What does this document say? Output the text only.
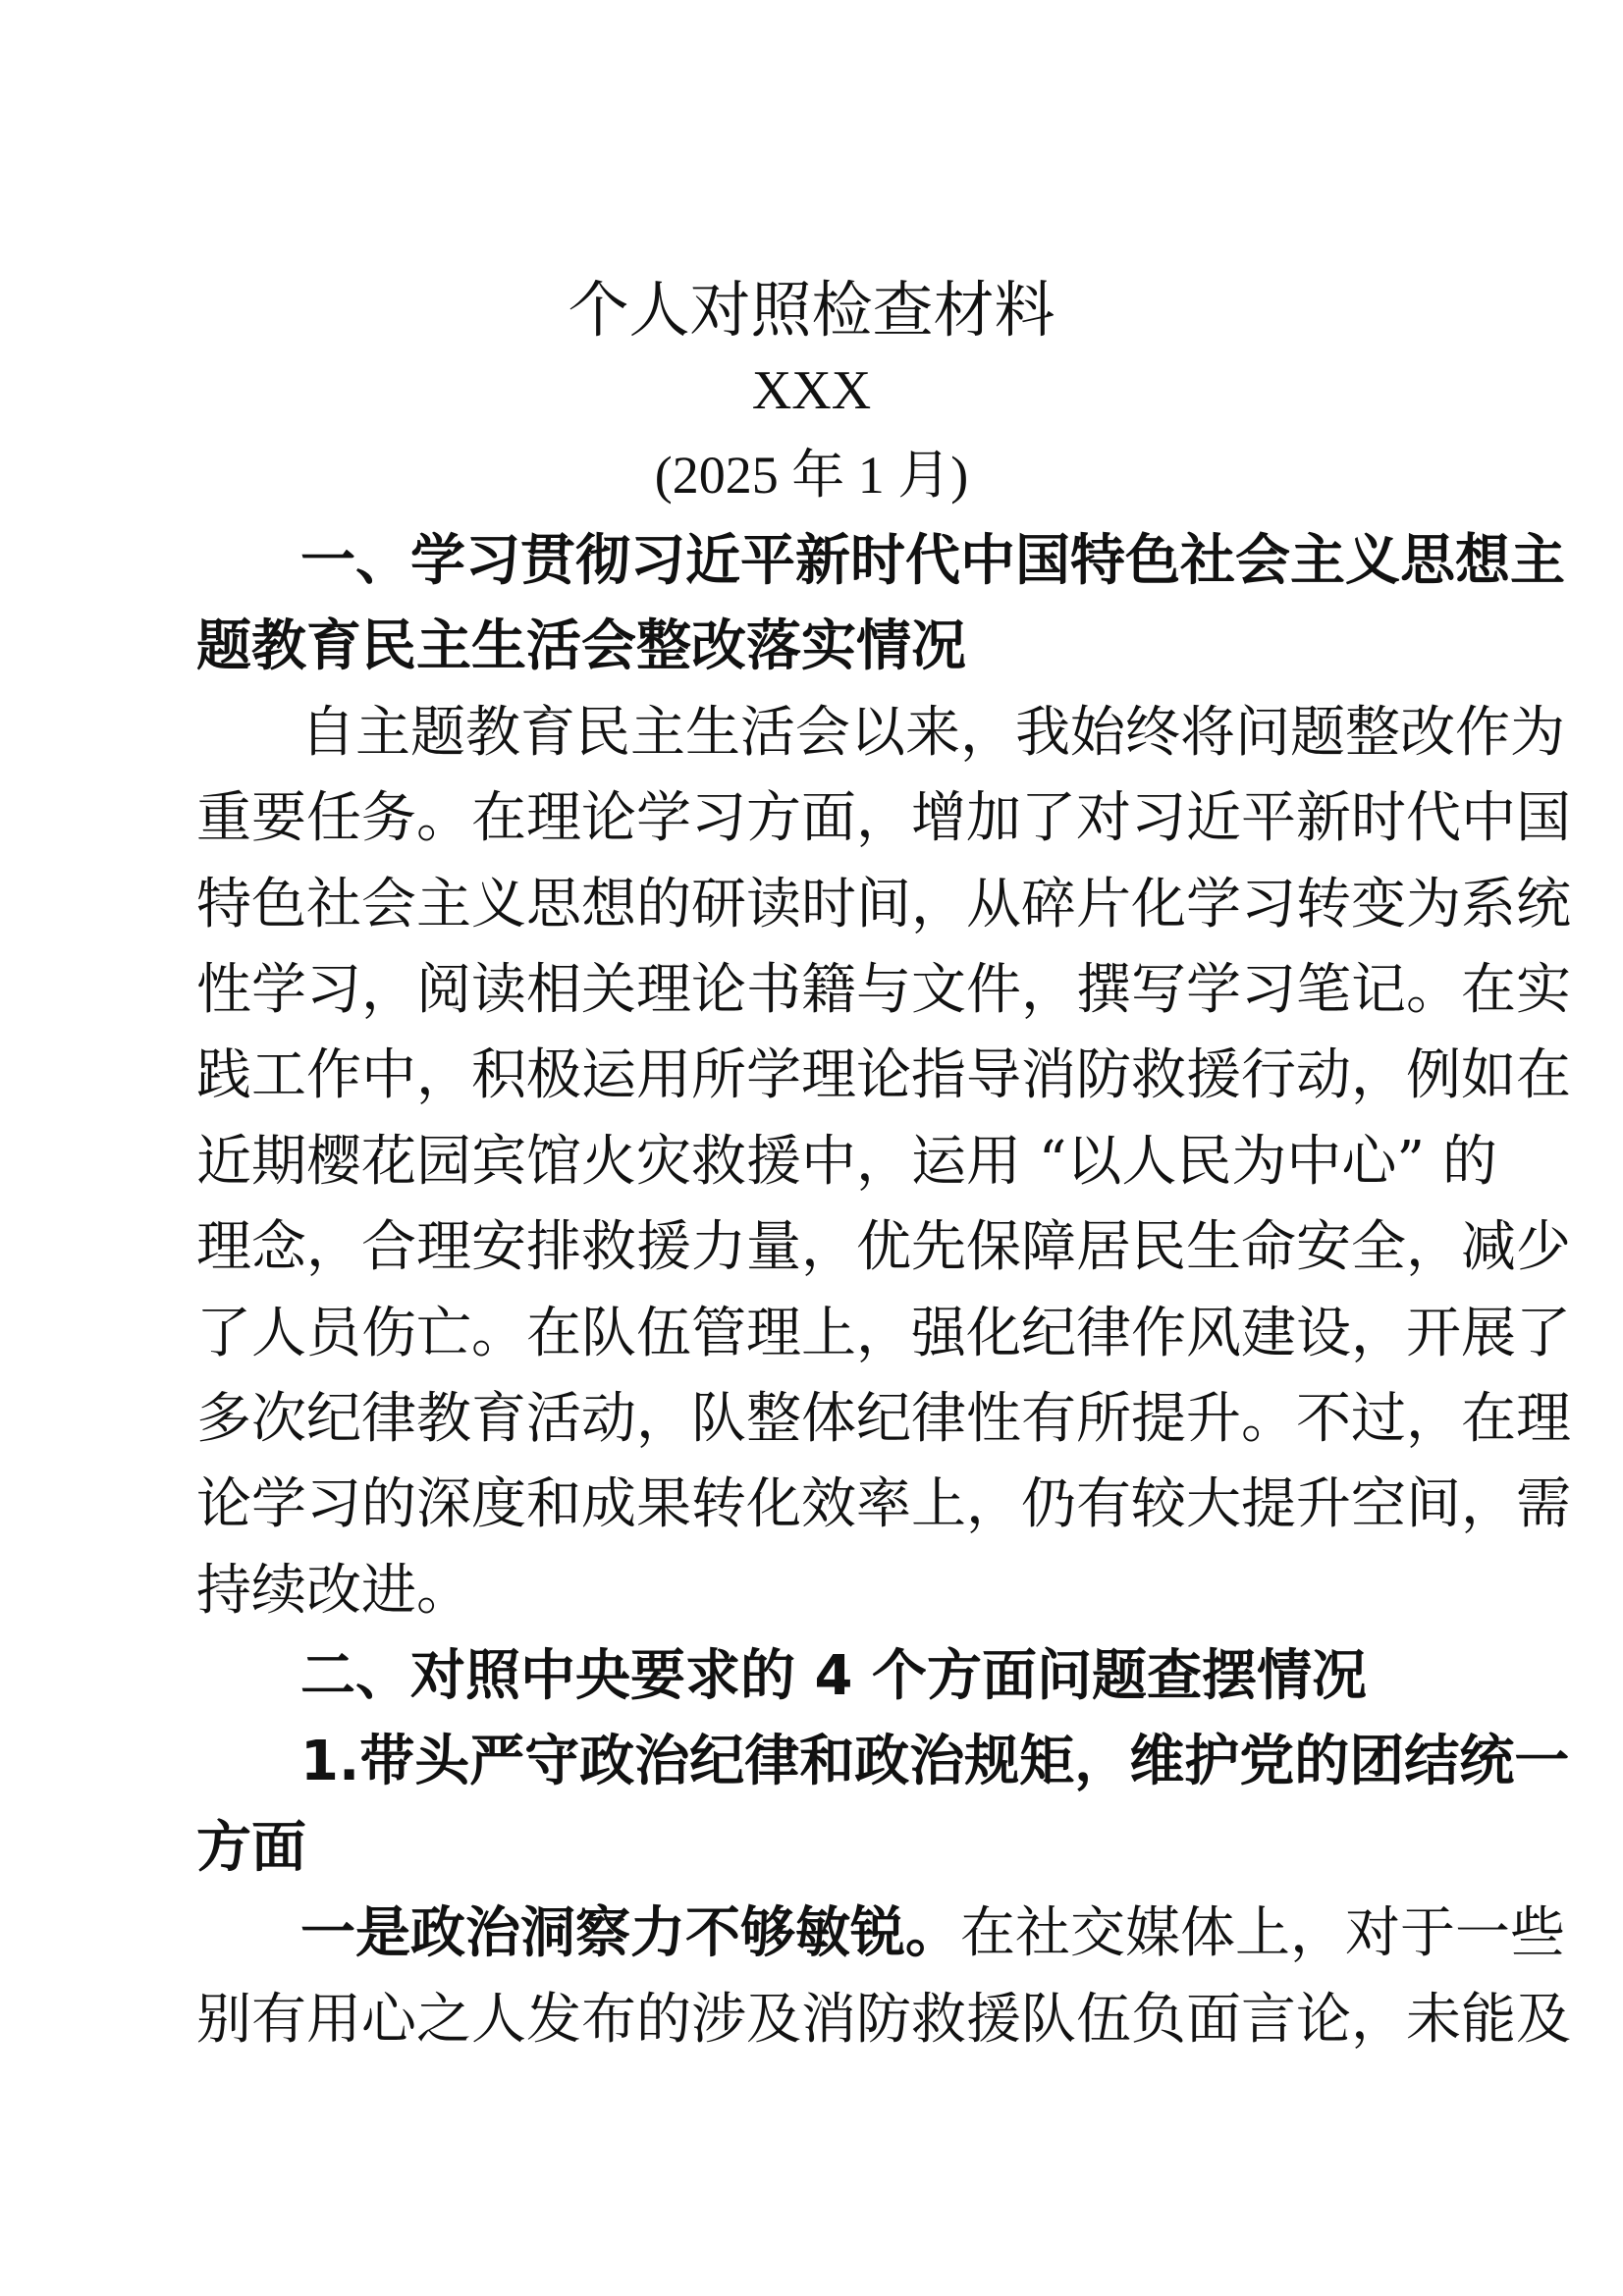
个人对照检查材料
XXX
(2025 年 1 月)
一、学习贯彻习近平新时代中国特色社会主义思想主
题教育民主生活会整改落实情况
自主题教育民主生活会以来，我始终将问题整改作为
重要任务。在理论学习方面，增加了对习近平新时代中国
特色社会主义思想的研读时间，从碎片化学习转变为系统
性学习，阅读相关理论书籍与文件，撰写学习笔记。在实
践工作中，积极运用所学理论指导消防救援行动，例如在
近期樱花园宾馆火灾救援中，运用 “以人民为中心” 的
理念，合理安排救援力量，优先保障居民生命安全，减少
了人员伤亡。在队伍管理上，强化纪律作风建设，开展了
多次纪律教育活动，队整体纪律性有所提升。不过，在理
论学习的深度和成果转化效率上，仍有较大提升空间，需
持续改进。
二、对照中央要求的 4 个方面问题查摆情况
1.带头严守政治纪律和政治规矩，维护党的团结统一
方面
一是政治洞察力不够敏锐。在社交媒体上，对于一些
别有用心之人发布的涉及消防救援队伍负面言论，未能及
